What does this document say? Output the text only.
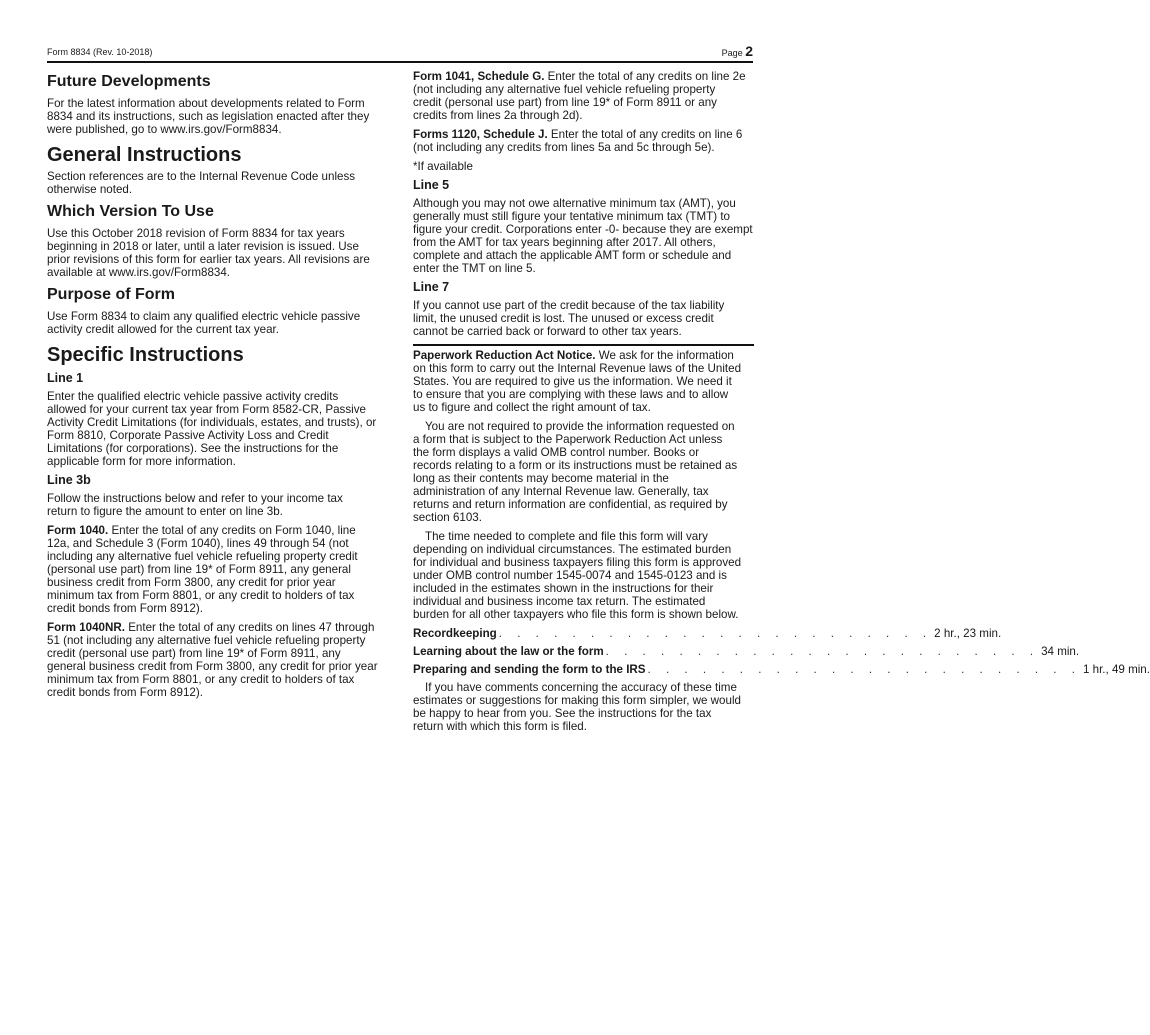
Form 8834 (Rev. 10-2018)	Page 2
Future Developments
For the latest information about developments related to Form
8834 and its instructions, such as legislation enacted after they
were published, go to www.irs.gov/Form8834.
General Instructions
Section references are to the Internal Revenue Code unless
otherwise noted.
Which Version To Use
Use this October 2018 revision of Form 8834 for tax years
beginning in 2018 or later, until a later revision is issued. Use
prior revisions of this form for earlier tax years. All revisions are
available at www.irs.gov/Form8834.
Purpose of Form
Use Form 8834 to claim any qualified electric vehicle passive
activity credit allowed for the current tax year.
Specific Instructions
Line 1
Enter the qualified electric vehicle passive activity credits
allowed for your current tax year from Form 8582-CR, Passive
Activity Credit Limitations (for individuals, estates, and trusts), or
Form 8810, Corporate Passive Activity Loss and Credit
Limitations (for corporations). See the instructions for the
applicable form for more information.
Line 3b
Follow the instructions below and refer to your income tax
return to figure the amount to enter on line 3b.
Form 1040. Enter the total of any credits on Form 1040, line
12a, and Schedule 3 (Form 1040), lines 49 through 54 (not
including any alternative fuel vehicle refueling property credit
(personal use part) from line 19* of Form 8911, any general
business credit from Form 3800, any credit for prior year
minimum tax from Form 8801, or any credit to holders of tax
credit bonds from Form 8912).
Form 1040NR. Enter the total of any credits on lines 47 through
51 (not including any alternative fuel vehicle refueling property
credit (personal use part) from line 19* of Form 8911, any
general business credit from Form 3800, any credit for prior year
minimum tax from Form 8801, or any credit to holders of tax
credit bonds from Form 8912).
Form 1041, Schedule G. Enter the total of any credits on line 2e
(not including any alternative fuel vehicle refueling property
credit (personal use part) from line 19* of Form 8911 or any
credits from lines 2a through 2d).
Forms 1120, Schedule J. Enter the total of any credits on line 6
(not including any credits from lines 5a and 5c through 5e).
*If available
Line 5
Although you may not owe alternative minimum tax (AMT), you
generally must still figure your tentative minimum tax (TMT) to
figure your credit. Corporations enter -0- because they are exempt
from the AMT for tax years beginning after 2017. All others,
complete and attach the applicable AMT form or schedule and
enter the TMT on line 5.
Line 7
If you cannot use part of the credit because of the tax liability
limit, the unused credit is lost. The unused or excess credit
cannot be carried back or forward to other tax years.
Paperwork Reduction Act Notice. We ask for the information
on this form to carry out the Internal Revenue laws of the United
States. You are required to give us the information. We need it
to ensure that you are complying with these laws and to allow
us to figure and collect the right amount of tax.
You are not required to provide the information requested on
a form that is subject to the Paperwork Reduction Act unless
the form displays a valid OMB control number. Books or
records relating to a form or its instructions must be retained as
long as their contents may become material in the
administration of any Internal Revenue law. Generally, tax
returns and return information are confidential, as required by
section 6103.
The time needed to complete and file this form will vary
depending on individual circumstances. The estimated burden
for individual and business taxpayers filing this form is approved
under OMB control number 1545-0074 and 1545-0123 and is
included in the estimates shown in the instructions for their
individual and business income tax return. The estimated
burden for all other taxpayers who file this form is shown below.
Recordkeeping . . . . . . . . . . . . . . . . . . . . . . . . 2 hr., 23 min.
Learning about the law or the form . . . . . . . . . . . . . . . . . . . . . . . . 34 min.
Preparing and sending the form to the IRS . . . . . . . . . . . . . . . . . . . . . . . . 1 hr., 49 min.
If you have comments concerning the accuracy of these time
estimates or suggestions for making this form simpler, we would
be happy to hear from you. See the instructions for the tax
return with which this form is filed.
